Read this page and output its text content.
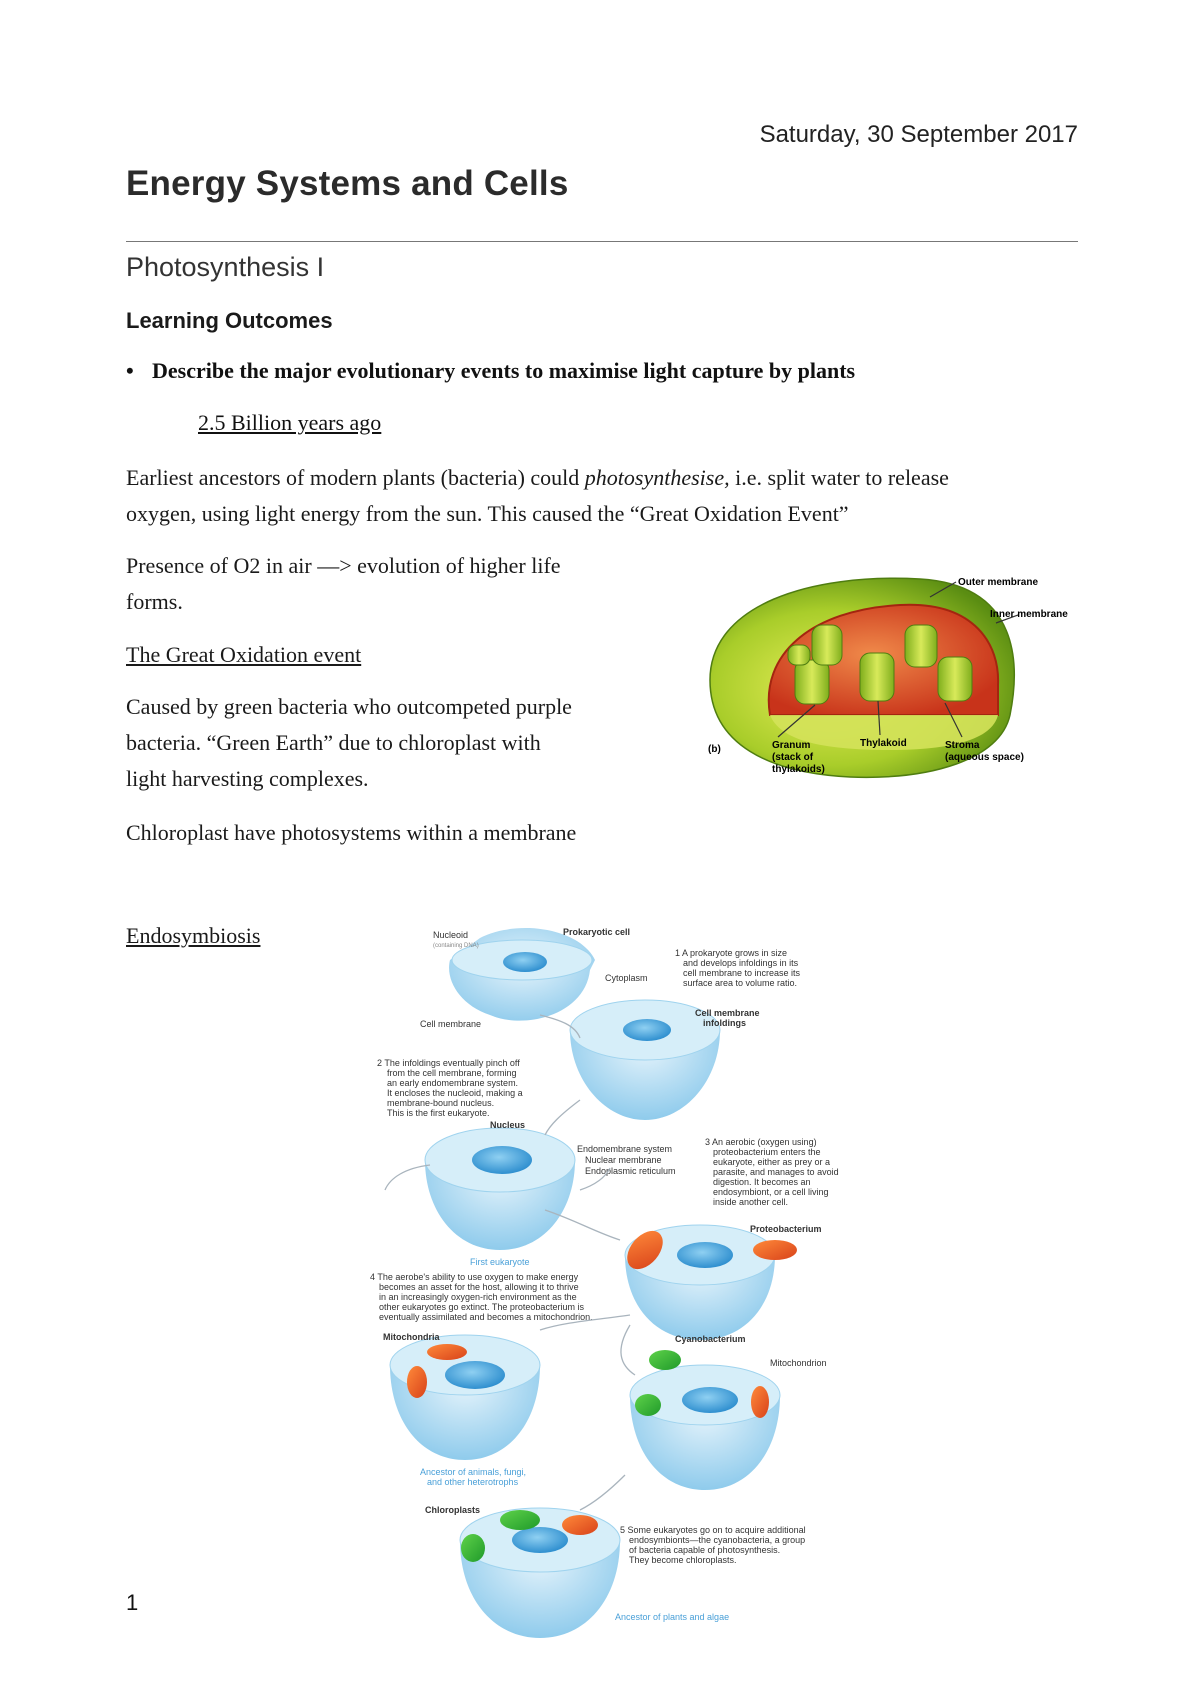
Saturday, 30 September 2017
Energy Systems and Cells
Photosynthesis I
Learning Outcomes
• Describe the major evolutionary events to maximise light capture by plants
2.5 Billion years ago
Earliest ancestors of modern plants (bacteria) could photosynthesise, i.e. split water to release
oxygen, using light energy from the sun. This caused the “Great Oxidation Event”
Presence of O2 in air —> evolution of higher life
forms.
The Great Oxidation event
Caused by green bacteria who outcompeted purple
bacteria. “Green Earth” due to chloroplast with
light harvesting complexes.
Chloroplast have photosystems within a membrane
Endosymbiosis
Outer membrane
Inner membrane
(b)	Granum
(stack of
thylakoids)
Thylakoid	Stroma
(aqueous space)
Nucleoid
(containing DNA)
Prokaryotic cell
Cytoplasm
Cell membrane
1 A prokaryote grows in size and develops infoldings in its cell membrane to increase its surface area to volume ratio.
Cell membrane infoldings
2 The infoldings eventually pinch off from the cell membrane, forming an early endomembrane system. It encloses the nucleoid, making a membrane-bound nucleus. This is the first eukaryote.
Nucleus
Endomembrane system Nuclear membrane Endoplasmic reticulum
First eukaryote
3 An aerobic (oxygen using) proteobacterium enters the eukaryote, either as prey or a parasite, and manages to avoid digestion. It becomes an endosymbiont, or a cell living inside another cell.
Proteobacterium
4 The aerobe's ability to use oxygen to make energy becomes an asset for the host, allowing it to thrive in an increasingly oxygen-rich environment as the other eukaryotes go extinct. The proteobacterium is eventually assimilated and becomes a mitochondrion.
Mitochondria
Ancestor of animals, fungi, and other heterotrophs
Cyanobacterium
Mitochondrion
Chloroplasts
5 Some eukaryotes go on to acquire additional endosymbionts—the cyanobacteria, a group of bacteria capable of photosynthesis. They become chloroplasts.
Ancestor of plants and algae
1
